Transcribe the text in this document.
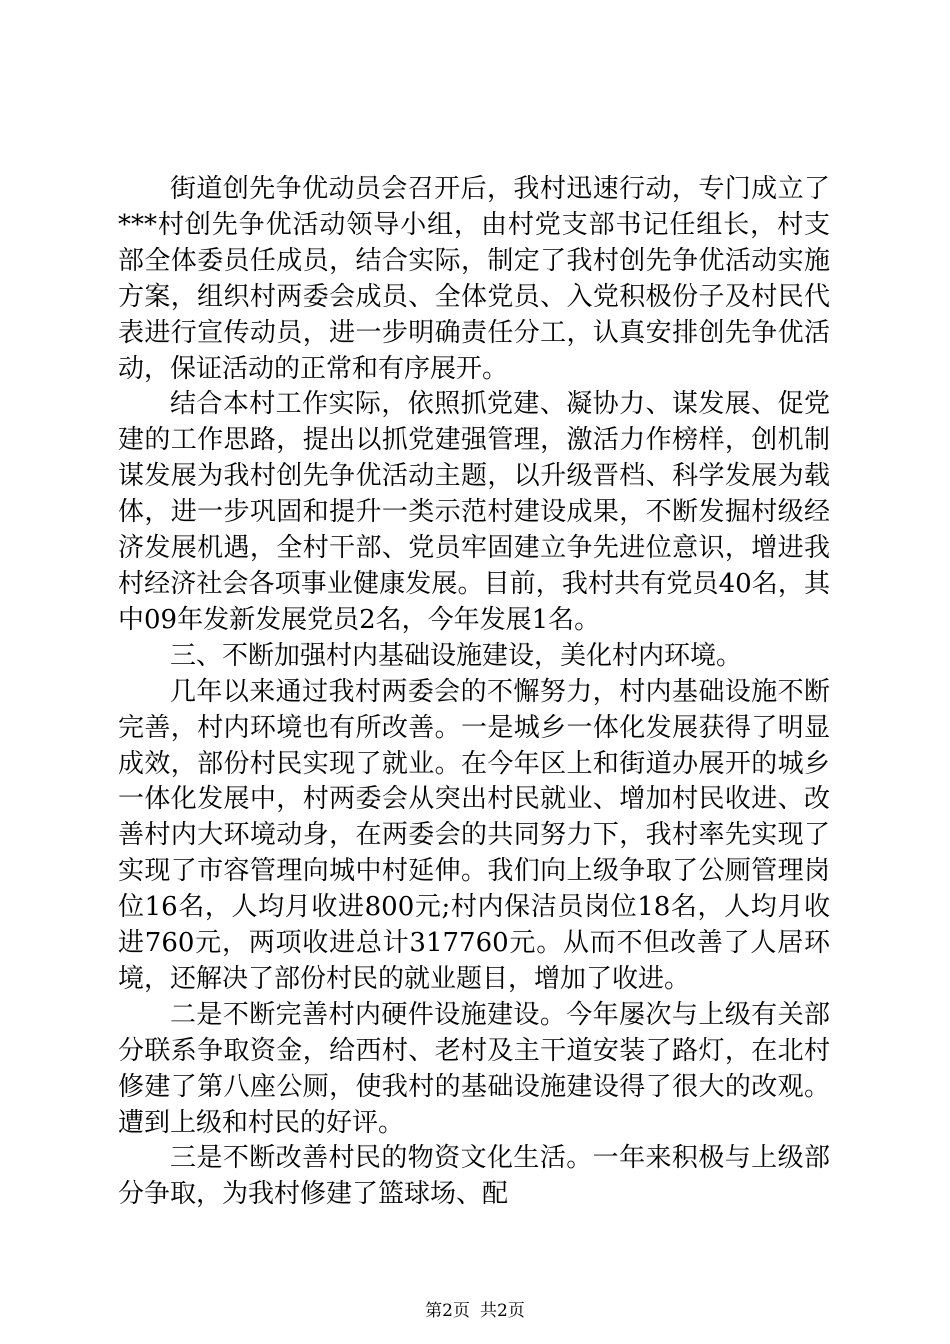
街道创先争优动员会召开后，我村迅速行动，专门成立了***村创先争优活动领导小组，由村党支部书记任组长，村支部全体委员任成员，结合实际，制定了我村创先争优活动实施方案，组织村两委会成员、全体党员、入党积极份子及村民代表进行宣传动员，进一步明确责任分工，认真安排创先争优活动，保证活动的正常和有序展开。

结合本村工作实际，依照抓党建、凝协力、谋发展、促党建的工作思路，提出以抓党建强管理，激活力作榜样，创机制谋发展为我村创先争优活动主题，以升级晋档、科学发展为载体，进一步巩固和提升一类示范村建设成果，不断发掘村级经济发展机遇，全村干部、党员牢固建立争先进位意识，增进我村经济社会各项事业健康发展。目前，我村共有党员40名，其中09年发新发展党员2名，今年发展1名。

三、不断加强村内基础设施建设，美化村内环境。

几年以来通过我村两委会的不懈努力，村内基础设施不断完善，村内环境也有所改善。一是城乡一体化发展获得了明显成效，部份村民实现了就业。在今年区上和街道办展开的城乡一体化发展中，村两委会从突出村民就业、增加村民收进、改善村内大环境动身，在两委会的共同努力下，我村率先实现了实现了市容管理向城中村延伸。我们向上级争取了公厕管理岗位16名，人均月收进800元;村内保洁员岗位18名，人均月收进760元，两项收进总计317760元。从而不但改善了人居环境，还解决了部份村民的就业题目，增加了收进。

二是不断完善村内硬件设施建设。今年屡次与上级有关部分联系争取资金，给西村、老村及主干道安装了路灯，在北村修建了第八座公厕，使我村的基础设施建设得了很大的改观。遭到上级和村民的好评。

三是不断改善村民的物资文化生活。一年来积极与上级部分争取，为我村修建了篮球场、配

第2页 共2页
